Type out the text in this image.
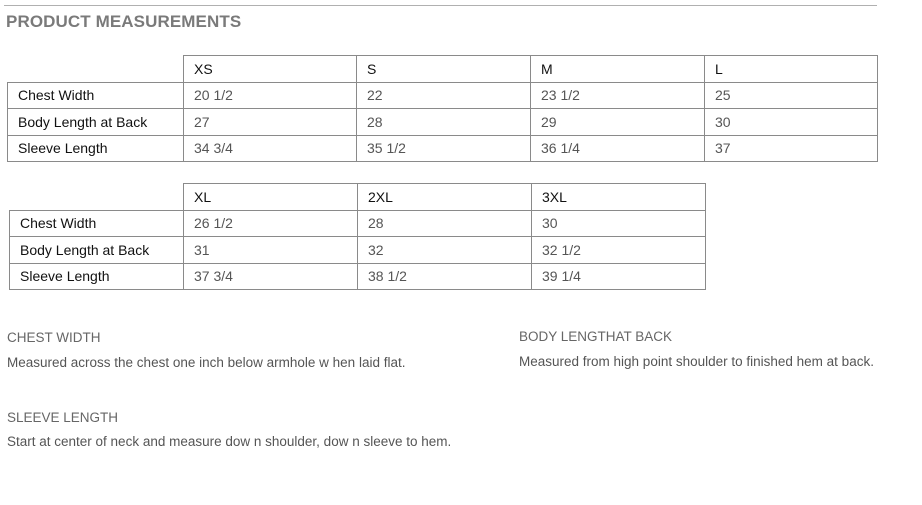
PRODUCT MEASUREMENTS
	XS	S	M	L
Chest Width	20 1/2	22	23 1/2	25
Body Length at Back	27	28	29	30
Sleeve Length	34 3/4	35 1/2	36 1/4	37
	XL	2XL	3XL
Chest Width	26 1/2	28	30
Body Length at Back	31	32	32 1/2
Sleeve Length	37 3/4	38 1/2	39 1/4
CHEST WIDTH
Measured across the chest one inch below armhole w hen laid flat.
BODY LENGTHAT BACK
Measured from high point shoulder to finished hem at back.
SLEEVE LENGTH
Start at center of neck and measure dow n shoulder, dow n sleeve to hem.
